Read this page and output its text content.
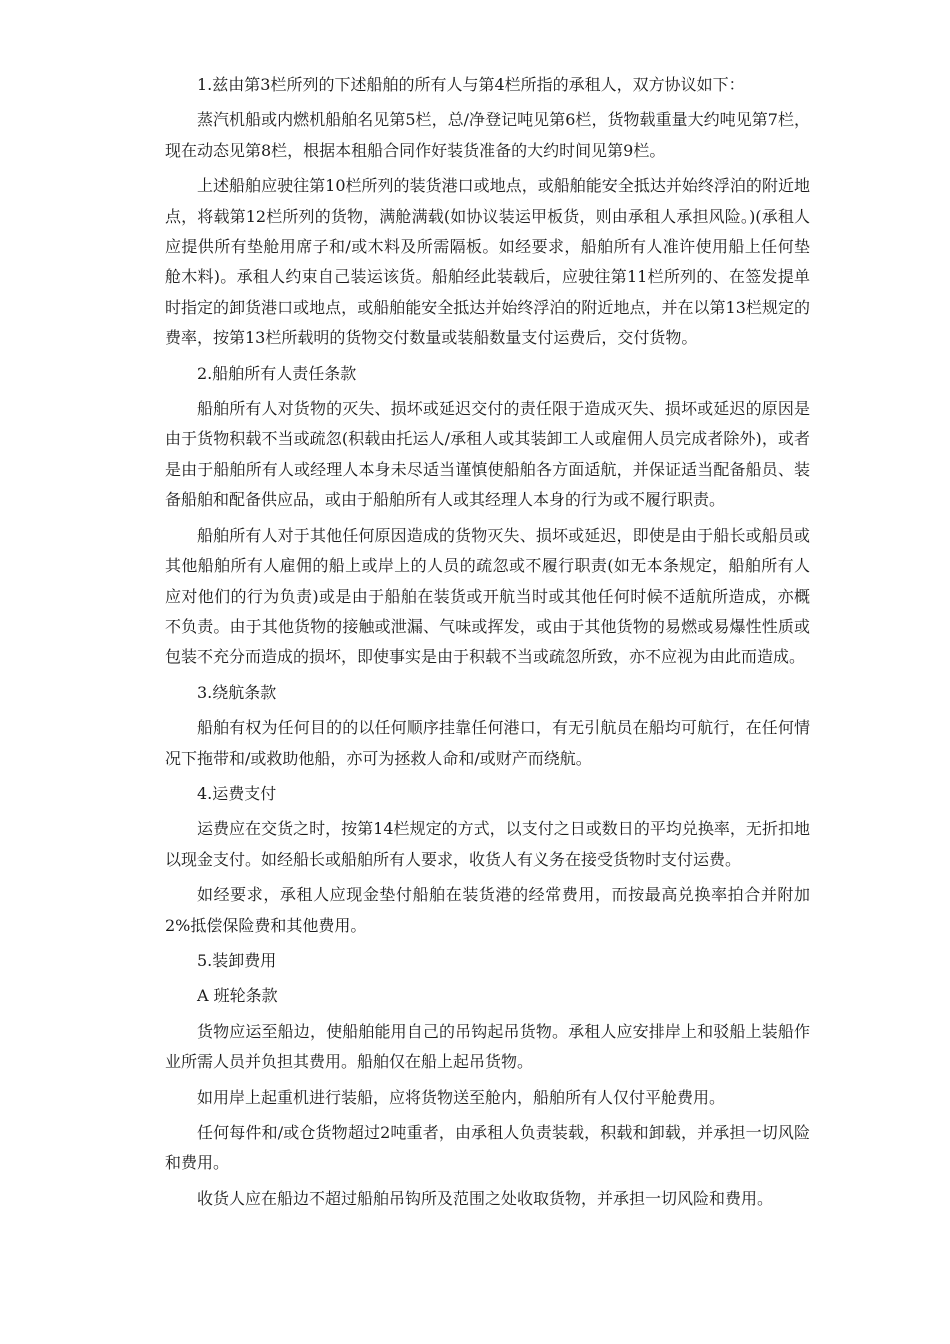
1.兹由第3栏所列的下述船舶的所有人与第4栏所指的承租人，双方协议如下：

蒸汽机船或内燃机船舶名见第5栏，总/净登记吨见第6栏，货物载重量大约吨见第7栏，现在动态见第8栏，根据本租船合同作好装货准备的大约时间见第9栏。

上述船舶应驶往第10栏所列的装货港口或地点，或船舶能安全抵达并始终浮泊的附近地点，将载第12栏所列的货物，满舱满载(如协议装运甲板货，则由承租人承担风险。)(承租人应提供所有垫舱用席子和/或木料及所需隔板。如经要求，船舶所有人准许使用船上任何垫舱木料)。承租人约束自己装运该货。船舶经此装载后，应驶往第11栏所列的、在签发提单时指定的卸货港口或地点，或船舶能安全抵达并始终浮泊的附近地点，并在以第13栏规定的费率，按第13栏所载明的货物交付数量或装船数量支付运费后，交付货物。

2.船舶所有人责任条款

船舶所有人对货物的灭失、损坏或延迟交付的责任限于造成灭失、损坏或延迟的原因是由于货物积载不当或疏忽(积载由托运人/承租人或其装卸工人或雇佣人员完成者除外)，或者是由于船舶所有人或经理人本身未尽适当谨慎使船舶各方面适航，并保证适当配备船员、装备船舶和配备供应品，或由于船舶所有人或其经理人本身的行为或不履行职责。

船舶所有人对于其他任何原因造成的货物灭失、损坏或延迟，即使是由于船长或船员或其他船舶所有人雇佣的船上或岸上的人员的疏忽或不履行职责(如无本条规定，船舶所有人应对他们的行为负责)或是由于船舶在装货或开航当时或其他任何时候不适航所造成，亦概不负责。由于其他货物的接触或泄漏、气味或挥发，或由于其他货物的易燃或易爆性性质或包装不充分而造成的损坏，即使事实是由于积载不当或疏忽所致，亦不应视为由此而造成。

3.绕航条款

船舶有权为任何目的的以任何顺序挂靠任何港口，有无引航员在船均可航行，在任何情况下拖带和/或救助他船，亦可为拯救人命和/或财产而绕航。

4.运费支付

运费应在交货之时，按第14栏规定的方式，以支付之日或数日的平均兑换率，无折扣地以现金支付。如经船长或船舶所有人要求，收货人有义务在接受货物时支付运费。

如经要求，承租人应现金垫付船舶在装货港的经常费用，而按最高兑换率拍合并附加2%抵偿保险费和其他费用。

5.装卸费用

A 班轮条款

货物应运至船边，使船舶能用自己的吊钩起吊货物。承租人应安排岸上和驳船上装船作业所需人员并负担其费用。船舶仅在船上起吊货物。

如用岸上起重机进行装船，应将货物送至舱内，船舶所有人仅付平舱费用。

任何每件和/或仓货物超过2吨重者，由承租人负责装载，积载和卸载，并承担一切风险和费用。

收货人应在船边不超过船舶吊钩所及范围之处收取货物，并承担一切风险和费用。
